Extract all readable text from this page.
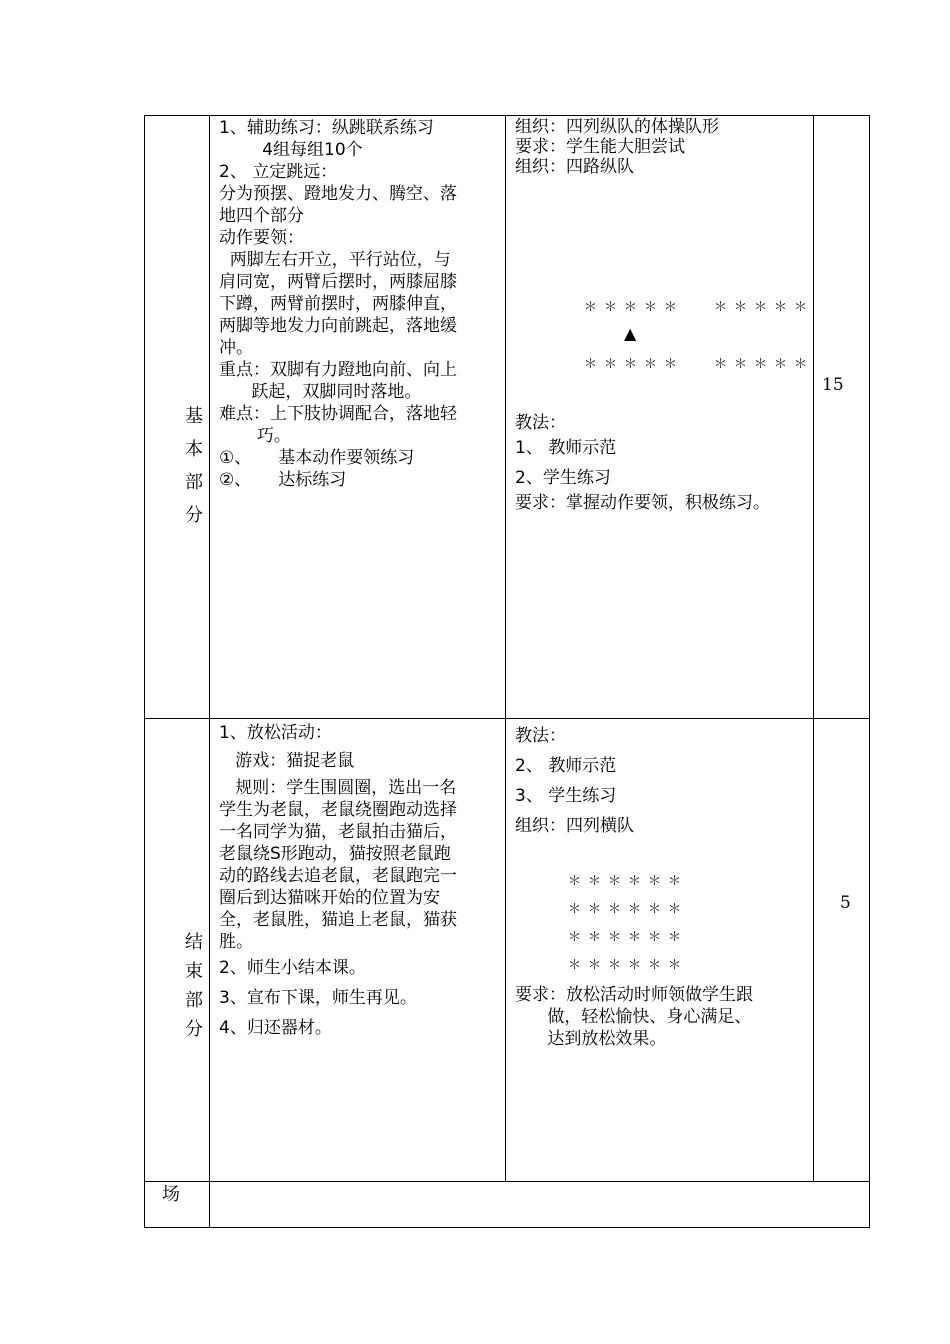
基
本
部
分

1、辅助练习：纵跳联系练习

4组每组10个

2、 立定跳远：

分为预摆、蹬地发力、腾空、落

地四个部分

动作要领：

两脚左右开立，平行站位，与

肩同宽，两臂后摆时，两膝屈膝

下蹲，两臂前摆时，两膝伸直，

两脚等地发力向前跳起，落地缓

冲。

重点：双脚有力蹬地向前、向上

跃起，双脚同时落地。

难点：上下肢协调配合，落地轻

巧。

①、     基本动作要领练习

②、     达标练习

组织：四列纵队的体操队形

要求：学生能大胆尝试

组织：四路纵队

＊＊＊＊＊ ＊＊＊＊＊
▲
＊＊＊＊＊ ＊＊＊＊＊

教法：

1、 教师示范

2、学生练习

要求：掌握动作要领，积极练习。

15
结
束
部
分

1、放松活动：

游戏：猫捉老鼠

规则：学生围圆圈，选出一名

学生为老鼠，老鼠绕圈跑动选择

一名同学为猫，老鼠拍击猫后，

老鼠绕S形跑动，猫按照老鼠跑

动的路线去追老鼠，老鼠跑完一

圈后到达猫咪开始的位置为安

全，老鼠胜，猫追上老鼠，猫获

胜。

2、师生小结本课。

3、宣布下课，师生再见。

4、归还器材。

教法：

2、 教师示范

3、 学生练习

组织：四列横队

＊＊＊＊＊＊
＊＊＊＊＊＊
＊＊＊＊＊＊
＊＊＊＊＊＊

要求：放松活动时师领做学生跟

做，轻松愉快、身心满足、

达到放松效果。

5
场
